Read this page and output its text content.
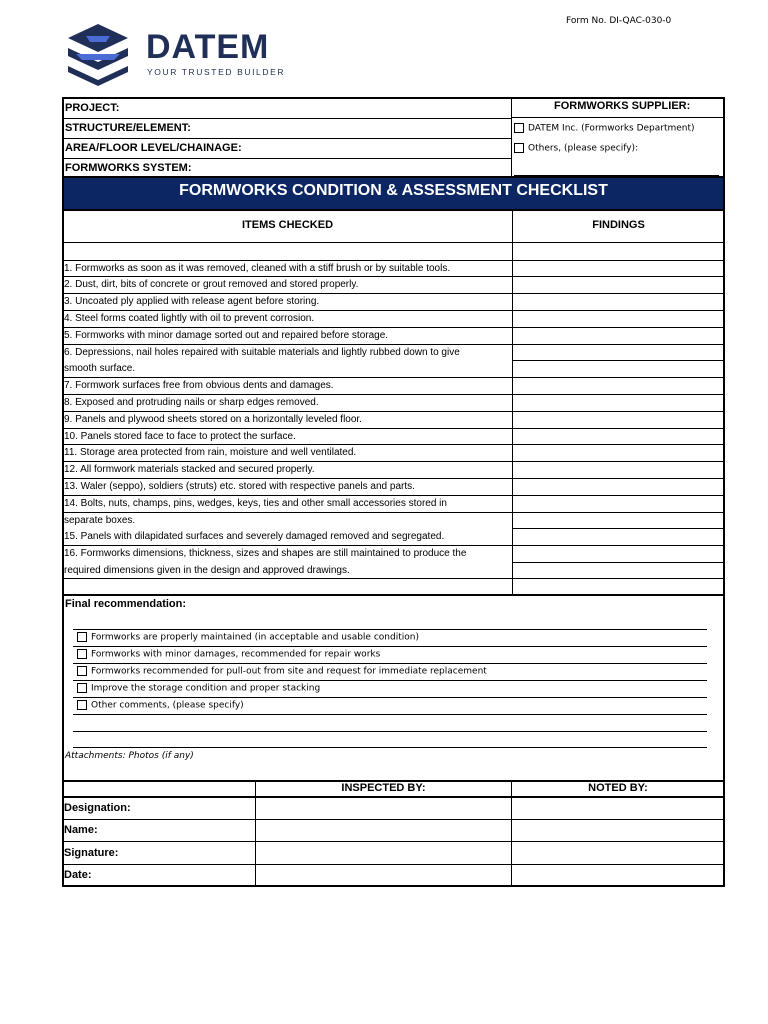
Form No. DI-QAC-030-0
DATEM
YOUR TRUSTED BUILDER
PROJECT:
STRUCTURE/ELEMENT:
AREA/FLOOR LEVEL/CHAINAGE:
FORMWORKS SYSTEM:
FORMWORKS SUPPLIER:
DATEM Inc. (Formworks Department)
Others, (please specify):
FORMWORKS CONDITION & ASSESSMENT CHECKLIST
ITEMS CHECKED	FINDINGS
1. Formworks as soon as it was removed, cleaned with a stiff brush or by suitable tools.
2. Dust, dirt, bits of concrete or grout removed and stored properly.
3. Uncoated ply applied with release agent before storing.
4. Steel forms coated lightly with oil to prevent corrosion.
5. Formworks with minor damage sorted out and repaired before storage.
6. Depressions, nail holes repaired with suitable materials and lightly rubbed down to give
smooth surface.
7. Formwork surfaces free from obvious dents and damages.
8. Exposed and protruding nails or sharp edges removed.
9. Panels and plywood sheets stored on a horizontally leveled floor.
10. Panels stored face to face to protect the surface.
11. Storage area protected from rain, moisture and well ventilated.
12. All formwork materials stacked and secured properly.
13. Waler (seppo), soldiers (struts) etc. stored with respective panels and parts.
14. Bolts, nuts, champs, pins, wedges, keys, ties and other small accessories stored in
separate boxes.
15. Panels with dilapidated surfaces and severely damaged removed and segregated.
16. Formworks dimensions, thickness, sizes and shapes are still maintained to produce the
required dimensions given in the design and approved drawings.
Final recommendation:
Formworks are properly maintained (in acceptable and usable condition)
Formworks with minor damages, recommended for repair works
Formworks recommended for pull-out from site and request for immediate replacement
Improve the storage condition and proper stacking
Other comments, (please specify)
Attachments: Photos (if any)
INSPECTED BY:	NOTED BY:
Designation:
Name:
Signature:
Date:
